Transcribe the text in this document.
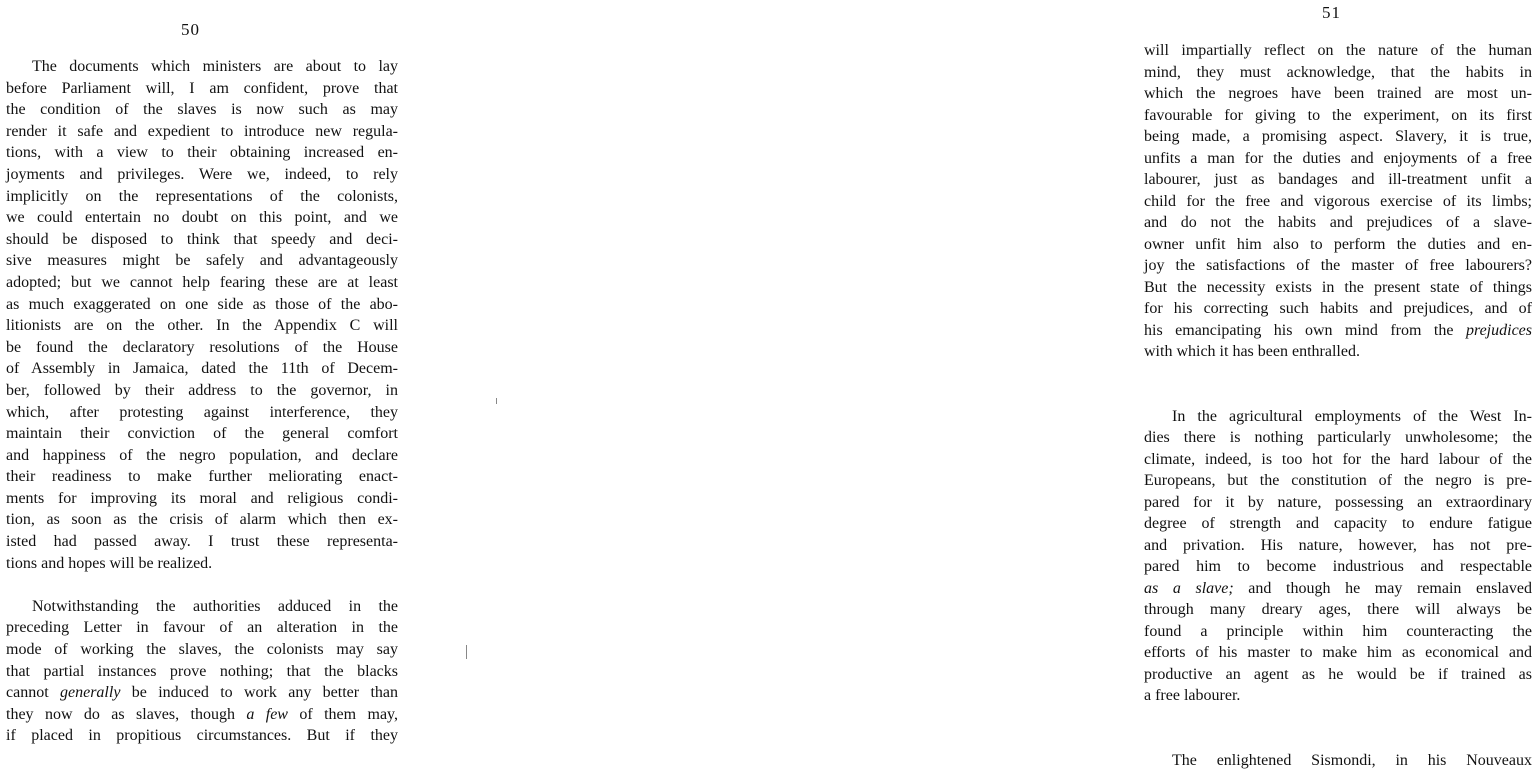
50
The documents which ministers are about to lay
before Parliament will, I am confident, prove that
the condition of the slaves is now such as may
render it safe and expedient to introduce new regula-
tions, with a view to their obtaining increased en-
joyments and privileges. Were we, indeed, to rely
implicitly on the representations of the colonists,
we could entertain no doubt on this point, and we
should be disposed to think that speedy and deci-
sive measures might be safely and advantageously
adopted; but we cannot help fearing these are at least
as much exaggerated on one side as those of the abo-
litionists are on the other. In the Appendix C will
be found the declaratory resolutions of the House
of Assembly in Jamaica, dated the 11th of Decem-
ber, followed by their address to the governor, in
which, after protesting against interference, they
maintain their conviction of the general comfort
and happiness of the negro population, and declare
their readiness to make further meliorating enact-
ments for improving its moral and religious condi-
tion, as soon as the crisis of alarm which then ex-
isted had passed away. I trust these representa-
tions and hopes will be realized.
Notwithstanding the authorities adduced in the
preceding Letter in favour of an alteration in the
mode of working the slaves, the colonists may say
that partial instances prove nothing; that the blacks
cannot generally be induced to work any better than
they now do as slaves, though a few of them may,
if placed in propitious circumstances. But if they
51
will impartially reflect on the nature of the human
mind, they must acknowledge, that the habits in
which the negroes have been trained are most un-
favourable for giving to the experiment, on its first
being made, a promising aspect. Slavery, it is true,
unfits a man for the duties and enjoyments of a free
labourer, just as bandages and ill-treatment unfit a
child for the free and vigorous exercise of its limbs;
and do not the habits and prejudices of a slave-
owner unfit him also to perform the duties and en-
joy the satisfactions of the master of free labourers?
But the necessity exists in the present state of things
for his correcting such habits and prejudices, and of
his emancipating his own mind from the prejudices
with which it has been enthralled.
In the agricultural employments of the West In-
dies there is nothing particularly unwholesome; the
climate, indeed, is too hot for the hard labour of the
Europeans, but the constitution of the negro is pre-
pared for it by nature, possessing an extraordinary
degree of strength and capacity to endure fatigue
and privation. His nature, however, has not pre-
pared him to become industrious and respectable
as a slave; and though he may remain enslaved
through many dreary ages, there will always be
found a principle within him counteracting the
efforts of his master to make him as economical and
productive an agent as he would be if trained as
a free labourer.
The enlightened Sismondi, in his Nouveaux
